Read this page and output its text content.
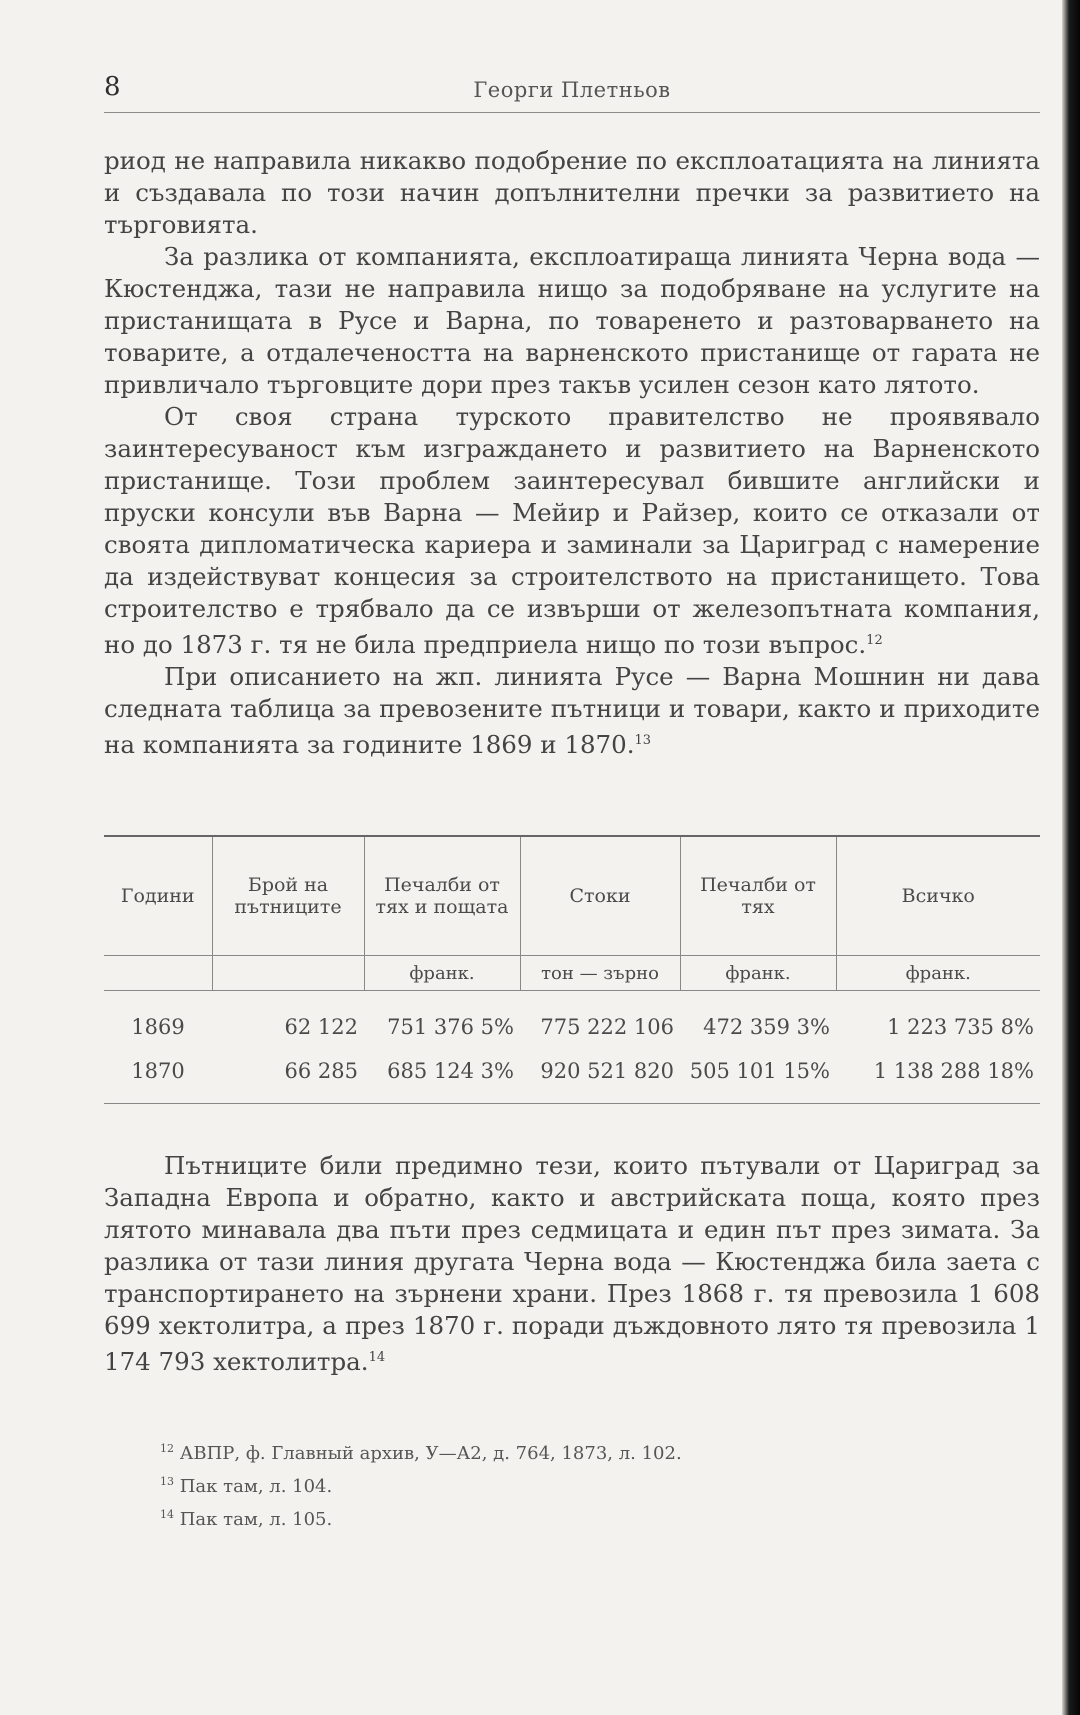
8	Георги Плетньов

риод не направила никакво подобрение по експлоатацията на линията и създавала по този начин допълнителни пречки за развитието на търговията.

За разлика от компанията, експлоатираща линията Черна вода — Кюстенджа, тази не направила нищо за подобряване на услугите на пристанищата в Русе и Варна, по товаренето и разтоварването на товарите, а отдалечеността на варненското пристанище от гарата не привличало търговците дори през такъв усилен сезон като лятото.

От своя страна турското правителство не проявявало заинтересуваност към изграждането и развитието на Варненското пристанище. Този проблем заинтересувал бившите английски и пруски консули във Варна — Мейир и Райзер, които се отказали от своята дипломатическа кариера и заминали за Цариград с намерение да издействуват концесия за строителството на пристанището. Това строителство е трябвало да се извърши от железопътната компания, но до 1873 г. тя не била предприела нищо по този въпрос.$^{12}$

При описанието на жп. линията Русе — Варна Мошнин ни дава следната таблица за превозените пътници и товари, както и приходите на компанията за годините 1869 и 1870.13

Години	Брой на пътниците	Печалби от тях и пощата	Стоки	Печалби от тях	Всичко
		франк.	тон — зърно	франк.	франк.
1869	62 122	751 376 5%	775 222 106	472 359 3%	1 223 735 8%
1870	66 285	685 124 3%	920 521 820	505 101 15%	1 138 288 18%

Пътниците били предимно тези, които пътували от Цариград за Западна Европа и обратно, както и австрийската поща, която през лятото минавала два пъти през седмицата и един път през зимата. За разлика от тази линия другата Черна вода — Кюстенджа била заета с транспортирането на зърнени храни. През 1868 г. тя превозила 1 608 699 хектолитра, а през 1870 г. поради дъждовното лято тя превозила 1 174 793 хектолитра.$^{14}$

$^{12}$ АВПР, ф. Главный архив, У—А2, д. 764, 1873, л. 102.
$^{13}$ Пак там, л. 104.
$^{14}$ Пак там, л. 105.
